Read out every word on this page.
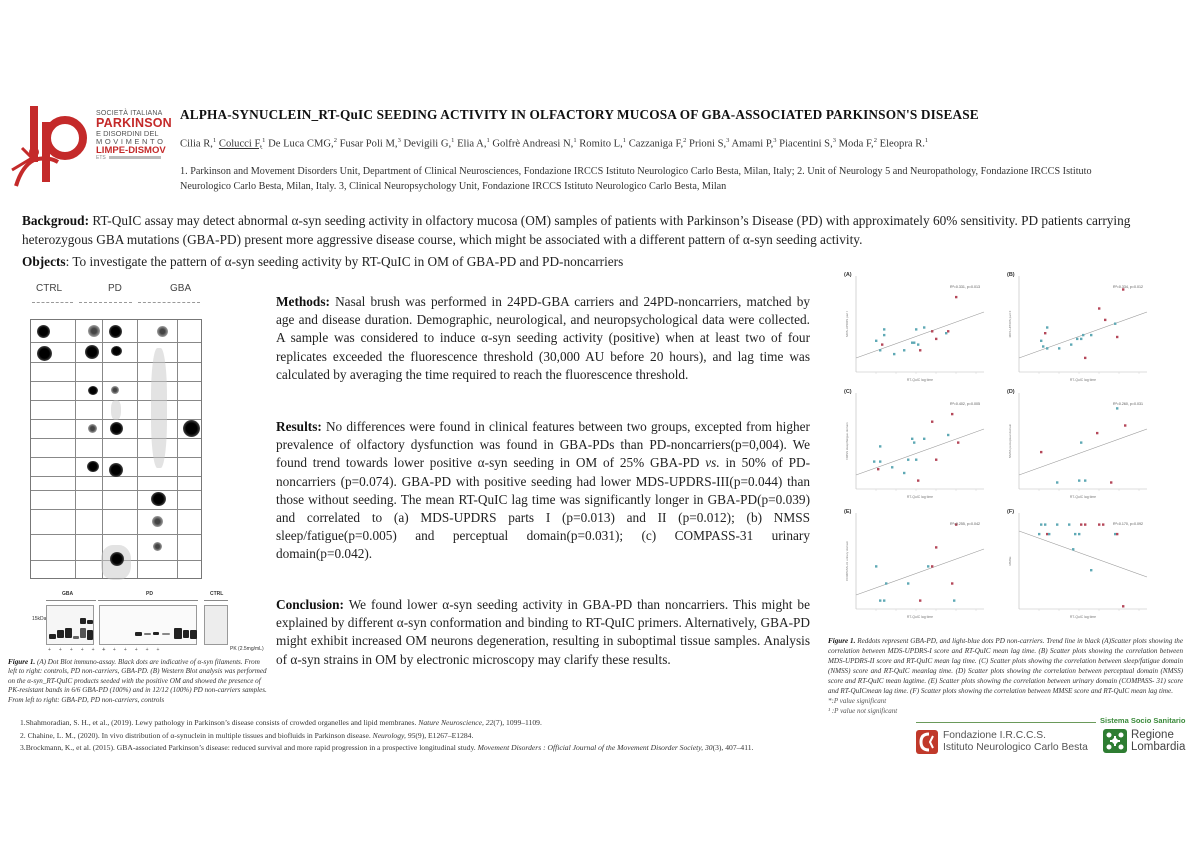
SOCIETÀ ITALIANA
PARKINSON
E DISORDINI DEL
MOVIMENTO
LIMPE-DISMOV
ETS
ALPHA-SYNUCLEIN_RT-QuIC SEEDING ACTIVITY IN OLFACTORY MUCOSA OF GBA-ASSOCIATED PARKINSON'S DISEASE
Cilia R,$^1$ Colucci F,$^1$ De Luca CMG,$^2$ Fusar Poli M,$^3$ Devigili G,$^1$ Elia A,$^1$ Golfrè Andreasi N,$^1$ Romito L,$^1$ Cazzaniga F,$^2$ Prioni S,$^3$ Amami P,$^3$ Piacentini S,$^3$ Moda F,$^2$ Eleopra R.$^1$
1. Parkinson and Movement Disorders Unit, Department of Clinical Neurosciences, Fondazione IRCCS Istituto Neurologico Carlo Besta, Milan, Italy; 2. Unit of Neurology 5 and Neuropathology, Fondazione IRCCS Istituto Neurologico Carlo Besta, Milan, Italy. 3, Clinical Neuropsychology Unit, Fondazione IRCCS Istituto Neurologico Carlo Besta, Milan
Backgroud: RT-QuIC assay may detect abnormal α-syn seeding activity in olfactory mucosa (OM) samples of patients with Parkinson’s Disease (PD) with approximately 60% sensitivity. PD patients carrying heterozygous GBA mutations (GBA-PD) present more aggressive disease course, which might be associated with a different pattern of α-syn seeding activity.
Objects: To investigate the pattern of α-syn seeding activity by RT-QuIC in OM of GBA-PD and PD-noncarriers
CTRL	PD	GBA
GBA	PD	CTRL
15kDa
+ + + + + +
+ + + + + +	PK (2.5mg/mL)
Figure 1. (A) Dot Blot immuno-assay. Black dots are indicative of α-syn filaments. From left to right: controls, PD non-carriers, GBA-PD. (B) Western Blot analysis was performed on the α-syn_RT-QuIC products seeded with the positive OM and showed the presence of PK-resistant bands in 6/6 GBA-PD (100%) and in 12/12 (100%) PD non-carriers samples. From left to right: GBA-PD, PD non-carriers, controls
Methods: Nasal brush was performed in 24PD-GBA carriers and 24PD-noncarriers, matched by age and disease duration. Demographic, neurological, and neuropsychological data were collected. A sample was considered to induce α-syn seeding activity (positive) when at least two of four replicates exceeded the fluorescence threshold (30,000 AU before 20 hours), and lag time was calculated by averaging the time required to reach the fluorescence threshold.
Results: No differences were found in clinical features between two groups, excepted from higher prevalence of olfactory dysfunction was found in GBA-PDs than PD-noncarriers(p=0,004). We found trend towards lower positive α-syn seeding in OM of 25% GBA-PD vs. in 50% of PD-noncarriers (p=0.074). GBA-PD with positive seeding had lower MDS-UPDRS-III(p=0.044) than those without seeding. The mean RT-QuIC lag time was significantly longer in GBA-PD(p=0.039) and correlated to (a) MDS-UPDRS parts I (p=0.013) and II (p=0.012); (b) NMSS sleep/fatigue(p=0.005) and perceptual domain(p=0.031); (c) COMPASS-31 urinary domain(p=0.042).
Conclusion: We found lower α-syn seeding activity in GBA-PD than noncarriers. This might be explained by different α-syn conformation and binding to RT-QuIC primers. Alternatively, GBA-PD might exhibit increased OM neurons degeneration, resulting in suboptimal tissue samples. Analysis of α-syn strains in OM by electronic microscopy may clarify these results.
(A)
R²=0.331, p=0.013
RT-QuIC lag time
MDS-UPDRS part I
(B)
R²=0.334, p=0.012
RT-QuIC lag time
MDS-UPDRS part II
(C)
R²=0.402, p=0.005
RT-QuIC lag time
NMSS sleep/fatigue domain
(D)
R²=0.260, p=0.031
RT-QuIC lag time
NMSS perceptual domain
(E)
R²=0.255, p=0.042
RT-QuIC lag time
COMPASS-31 urinary domain
(F)
R²=0.170, p=0.092
RT-QuIC lag time
MMSE
Figure 1. Reddots represent GBA-PD, and light-blue dots PD non-carriers. Trend line in black (A)Scatter plots showing the correlation between MDS-UPDRS-I score and RT-QuIC mean lag time. (B) Scatter plots showing the correlation between MDS-UPDRS-II score and RT-QuIC mean lag time. (C) Scatter plots showing the correlation between sleep/fatigue domain (NMSS) score and RT-QuIC meanlag time. (D) Scatter plots showing the correlation between perceptual domain (NMSS) score and RT-QuIC mean lagtime. (E) Scatter plots showing the correlation between urinary domain (COMPASS- 31) score and RT-QuICmean lag time. (F) Scatter plots showing the correlation between MMSE score and RT-QuIC mean lag time.
*:P value significant
¹ :P value not significant
1.Shahmoradian, S. H., et al., (2019). Lewy pathology in Parkinson’s disease consists of crowded organelles and lipid membranes. Nature Neuroscience, 22(7), 1099–1109.
2. Chahine, L. M., (2020). In vivo distribution of α-synuclein in multiple tissues and biofluids in Parkinson disease. Neurology, 95(9), E1267–E1284.
3.Brockmann, K., et al. (2015). GBA-associated Parkinson’s disease: reduced survival and more rapid progression in a prospective longitudinal study. Movement Disorders : Official Journal of the Movement Disorder Society, 30(3), 407–411.
Sistema Socio Sanitario
Fondazione I.R.C.C.S.
Istituto Neurologico Carlo Besta
Regione
Lombardia
